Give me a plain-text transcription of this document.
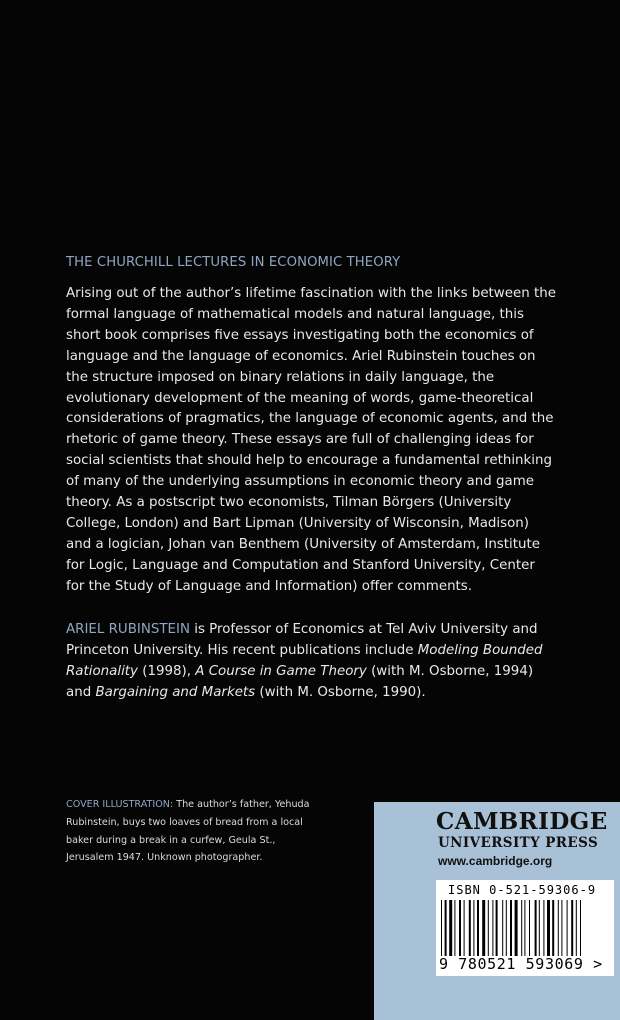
THE CHURCHILL LECTURES IN ECONOMIC THEORY

Arising out of the author’s lifetime fascination with the links between the formal language of mathematical models and natural language, this short book comprises five essays investigating both the economics of language and the language of economics. Ariel Rubinstein touches on the structure imposed on binary relations in daily language, the evolutionary development of the meaning of words, game-theoretical considerations of pragmatics, the language of economic agents, and the rhetoric of game theory. These essays are full of challenging ideas for social scientists that should help to encourage a fundamental rethinking of many of the underlying assumptions in economic theory and game theory. As a postscript two economists, Tilman Börgers (University College, London) and Bart Lipman (University of Wisconsin, Madison) and a logician, Johan van Benthem (University of Amsterdam, Institute for Logic, Language and Computation and Stanford University, Center for the Study of Language and Information) offer comments.

ARIEL RUBINSTEIN is Professor of Economics at Tel Aviv University and Princeton University. His recent publications include Modeling Bounded Rationality (1998), A Course in Game Theory (with M. Osborne, 1994) and Bargaining and Markets (with M. Osborne, 1990).
COVER ILLUSTRATION: The author’s father, Yehuda Rubinstein, buys two loaves of bread from a local baker during a break in a curfew, Geula St., Jerusalem 1947. Unknown photographer.
CAMBRIDGE
UNIVERSITY PRESS
www.cambridge.org
ISBN 0-521-59306-9
9 780521 593069 >
